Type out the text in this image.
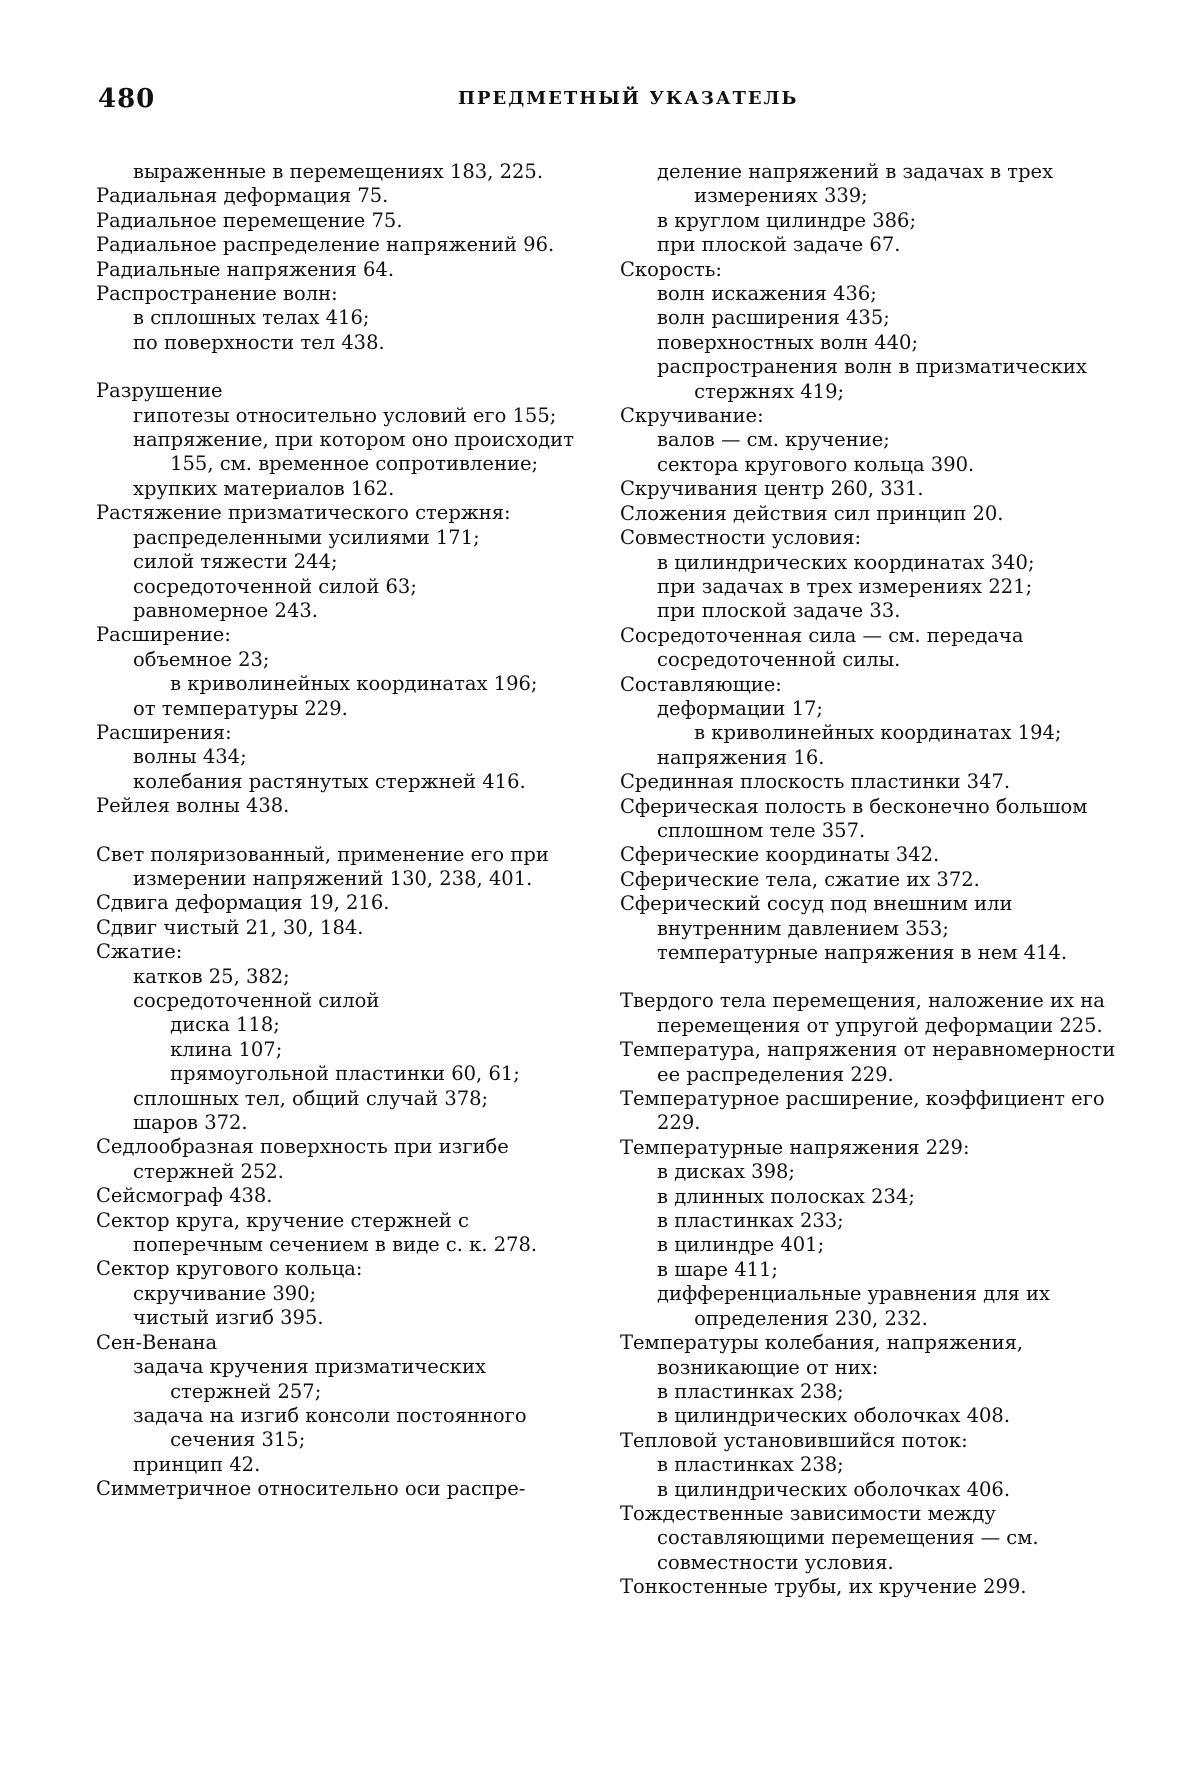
480	ПРЕДМЕТНЫЙ УКАЗАТЕЛЬ

выраженные в перемещениях 183, 225.

Радиальная деформация 75.

Радиальное перемещение 75.

Радиальное распределение напряжений 96.

Радиальные напряжения 64.

Распространение волн:

в сплошных телах 416;

по поверхности тел 438.

Разрушение

гипотезы относительно условий его 155;

напряжение, при котором оно происходит 155, см. временное сопротивление;

хрупких материалов 162.

Растяжение призматического стержня:

распределенными усилиями 171;

силой тяжести 244;

сосредоточенной силой 63;

равномерное 243.

Расширение:

объемное 23;

в криволинейных координатах 196;

от температуры 229.

Расширения:

волны 434;

колебания растянутых стержней 416.

Рейлея волны 438.

Свет поляризованный, применение его при измерении напряжений 130, 238, 401.

Сдвига деформация 19, 216.

Сдвиг чистый 21, 30, 184.

Сжатие:

катков 25, 382;

сосредоточенной силой

диска 118;

клина 107;

прямоугольной пластинки 60, 61;

сплошных тел, общий случай 378;

шаров 372.

Седлообразная поверхность при изгибе стержней 252.

Сейсмограф 438.

Сектор круга, кручение стержней с поперечным сечением в виде с. к. 278.

Сектор кругового кольца:

скручивание 390;

чистый изгиб 395.

Сен-Венана

задача кручения призматических стержней 257;

задача на изгиб консоли постоянного сечения 315;

принцип 42.

Симметричное относительно оси распре-

деление напряжений в задачах в трех измерениях 339;

в круглом цилиндре 386;

при плоской задаче 67.

Скорость:

волн искажения 436;

волн расширения 435;

поверхностных волн 440;

распространения волн в призматических стержнях 419;

Скручивание:

валов — см. кручение;

сектора кругового кольца 390.

Скручивания центр 260, 331.

Сложения действия сил принцип 20.

Совместности условия:

в цилиндрических координатах 340;

при задачах в трех измерениях 221;

при плоской задаче 33.

Сосредоточенная сила — см. передача сосредоточенной силы.

Составляющие:

деформации 17;

в криволинейных координатах 194;

напряжения 16.

Срединная плоскость пластинки 347.

Сферическая полость в бесконечно большом сплошном теле 357.

Сферические координаты 342.

Сферические тела, сжатие их 372.

Сферический сосуд под внешним или внутренним давлением 353;

температурные напряжения в нем 414.

Твердого тела перемещения, наложение их на перемещения от упругой деформации 225.

Температура, напряжения от неравномерности ее распределения 229.

Температурное расширение, коэффициент его 229.

Температурные напряжения 229:

в дисках 398;

в длинных полосках 234;

в пластинках 233;

в цилиндре 401;

в шаре 411;

дифференциальные уравнения для их определения 230, 232.

Температуры колебания, напряжения, возникающие от них:

в пластинках 238;

в цилиндрических оболочках 408.

Тепловой установившийся поток:

в пластинках 238;

в цилиндрических оболочках 406.

Тождественные зависимости между составляющими перемещения — см. совместности условия.

Тонкостенные трубы, их кручение 299.
